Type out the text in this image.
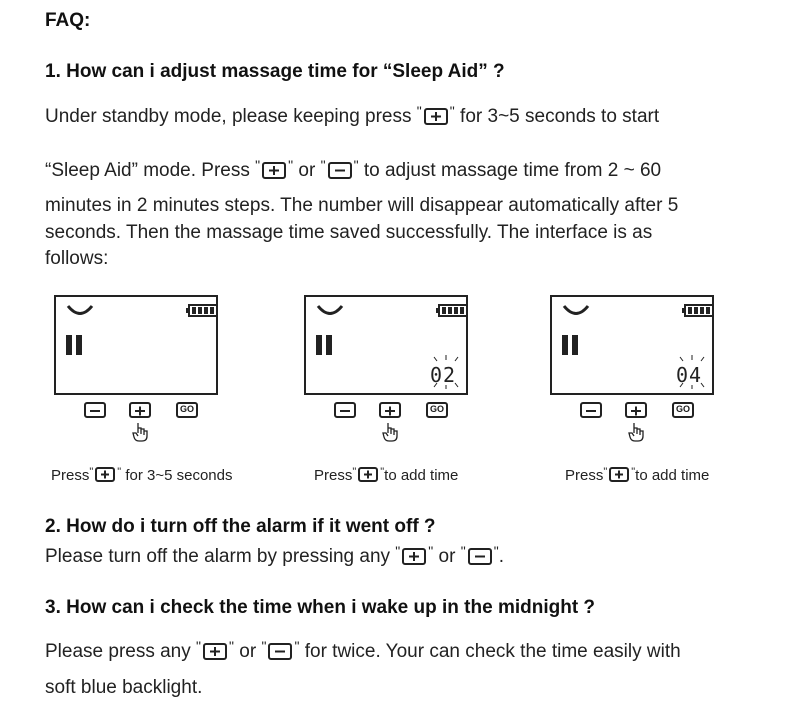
FAQ:
1. How can i adjust massage time for “Sleep Aid” ?
Under standby mode, please keeping press " " for 3~5 seconds to start
“Sleep Aid” mode. Press " " or " " to adjust massage time from 2 ~ 60
minutes in 2 minutes steps. The number will disappear automatically after 5
seconds. Then the massage time saved successfully. The interface is as
follows:
GO
Press" " for 3~5 seconds
02
GO
Press" "to add time
04
GO
Press" "to add time
2. How do i turn off the alarm if it went off ?
Please turn off the alarm by pressing any " " or " ".
3. How can i check the time when i wake up in the midnight ?
Please press any " " or " " for twice. Your can check the time easily with
soft blue backlight.
